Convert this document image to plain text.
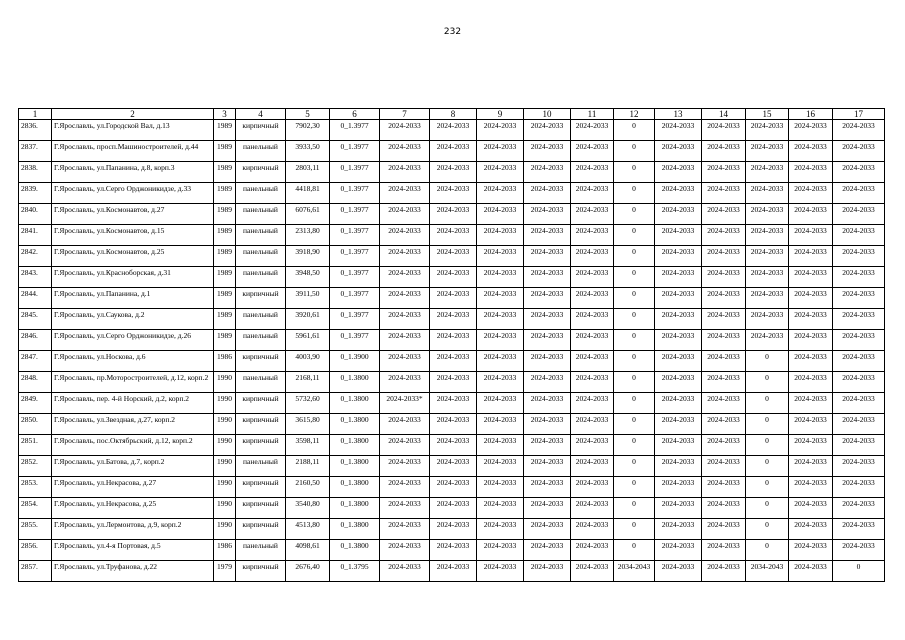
232
1	2	3	4	5	6	7	8	9	10	11	12	13	14	15	16	17
2836.	Г.Ярославль, ул.Городской Вал, д.13	1989	кирпичный	7902,30	0_1.3977	2024-2033	2024-2033	2024-2033	2024-2033	2024-2033	0	2024-2033	2024-2033	2024-2033	2024-2033	2024-2033
2837.	Г.Ярославль, просп.Машиностроителей, д.44	1989	панельный	3933,50	0_1.3977	2024-2033	2024-2033	2024-2033	2024-2033	2024-2033	0	2024-2033	2024-2033	2024-2033	2024-2033	2024-2033
2838.	Г.Ярославль, ул.Папанина, д.8, корп.3	1989	кирпичный	2803,11	0_1.3977	2024-2033	2024-2033	2024-2033	2024-2033	2024-2033	0	2024-2033	2024-2033	2024-2033	2024-2033	2024-2033
2839.	Г.Ярославль, ул.Серго Орджоникидзе, д.33	1989	панельный	4418,81	0_1.3977	2024-2033	2024-2033	2024-2033	2024-2033	2024-2033	0	2024-2033	2024-2033	2024-2033	2024-2033	2024-2033
2840.	Г.Ярославль, ул.Космонавтов, д.27	1989	панельный	6076,61	0_1.3977	2024-2033	2024-2033	2024-2033	2024-2033	2024-2033	0	2024-2033	2024-2033	2024-2033	2024-2033	2024-2033
2841.	Г.Ярославль, ул.Космонавтов, д.15	1989	панельный	2313,80	0_1.3977	2024-2033	2024-2033	2024-2033	2024-2033	2024-2033	0	2024-2033	2024-2033	2024-2033	2024-2033	2024-2033
2842.	Г.Ярославль, ул.Космонавтов, д.25	1989	панельный	3918,90	0_1.3977	2024-2033	2024-2033	2024-2033	2024-2033	2024-2033	0	2024-2033	2024-2033	2024-2033	2024-2033	2024-2033
2843.	Г.Ярославль, ул.Красноборская, д.31	1989	панельный	3948,50	0_1.3977	2024-2033	2024-2033	2024-2033	2024-2033	2024-2033	0	2024-2033	2024-2033	2024-2033	2024-2033	2024-2033
2844.	Г.Ярославль, ул.Папанина, д.1	1989	кирпичный	3911,50	0_1.3977	2024-2033	2024-2033	2024-2033	2024-2033	2024-2033	0	2024-2033	2024-2033	2024-2033	2024-2033	2024-2033
2845.	Г.Ярославль, ул.Саукова, д.2	1989	панельный	3920,61	0_1.3977	2024-2033	2024-2033	2024-2033	2024-2033	2024-2033	0	2024-2033	2024-2033	2024-2033	2024-2033	2024-2033
2846.	Г.Ярославль, ул.Серго Орджоникидзе, д.26	1989	панельный	5961,61	0_1.3977	2024-2033	2024-2033	2024-2033	2024-2033	2024-2033	0	2024-2033	2024-2033	2024-2033	2024-2033	2024-2033
2847.	Г.Ярославль, ул.Носкова, д.6	1986	кирпичный	4003,90	0_1.3900	2024-2033	2024-2033	2024-2033	2024-2033	2024-2033	0	2024-2033	2024-2033	0	2024-2033	2024-2033
2848.	Г.Ярославль, пр.Моторостроителей, д.12, корп.2	1990	панельный	2168,11	0_1.3800	2024-2033	2024-2033	2024-2033	2024-2033	2024-2033	0	2024-2033	2024-2033	0	2024-2033	2024-2033
2849.	Г.Ярославль, пер. 4-й Норский, д.2, корп.2	1990	кирпичный	5732,60	0_1.3800	2024-2033*	2024-2033	2024-2033	2024-2033	2024-2033	0	2024-2033	2024-2033	0	2024-2033	2024-2033
2850.	Г.Ярославль, ул.Звездная, д.27, корп.2	1990	кирпичный	3615,80	0_1.3800	2024-2033	2024-2033	2024-2033	2024-2033	2024-2033	0	2024-2033	2024-2033	0	2024-2033	2024-2033
2851.	Г.Ярославль, пос.Октябрьский, д.12, корп.2	1990	кирпичный	3598,11	0_1.3800	2024-2033	2024-2033	2024-2033	2024-2033	2024-2033	0	2024-2033	2024-2033	0	2024-2033	2024-2033
2852.	Г.Ярославль, ул.Батова, д.7, корп.2	1990	панельный	2188,11	0_1.3800	2024-2033	2024-2033	2024-2033	2024-2033	2024-2033	0	2024-2033	2024-2033	0	2024-2033	2024-2033
2853.	Г.Ярославль, ул.Некрасова, д.27	1990	кирпичный	2160,50	0_1.3800	2024-2033	2024-2033	2024-2033	2024-2033	2024-2033	0	2024-2033	2024-2033	0	2024-2033	2024-2033
2854.	Г.Ярославль, ул.Некрасова, д.25	1990	кирпичный	3540,80	0_1.3800	2024-2033	2024-2033	2024-2033	2024-2033	2024-2033	0	2024-2033	2024-2033	0	2024-2033	2024-2033
2855.	Г.Ярославль, ул.Лермонтова, д.9, корп.2	1990	кирпичный	4513,80	0_1.3800	2024-2033	2024-2033	2024-2033	2024-2033	2024-2033	0	2024-2033	2024-2033	0	2024-2033	2024-2033
2856.	Г.Ярославль, ул.4-я Портовая, д.5	1986	панельный	4098,61	0_1.3800	2024-2033	2024-2033	2024-2033	2024-2033	2024-2033	0	2024-2033	2024-2033	0	2024-2033	2024-2033
2857.	Г.Ярославль, ул.Труфанова, д.22	1979	кирпичный	2676,40	0_1.3795	2024-2033	2024-2033	2024-2033	2024-2033	2024-2033	2034-2043	2024-2033	2024-2033	2034-2043	2024-2033	0
